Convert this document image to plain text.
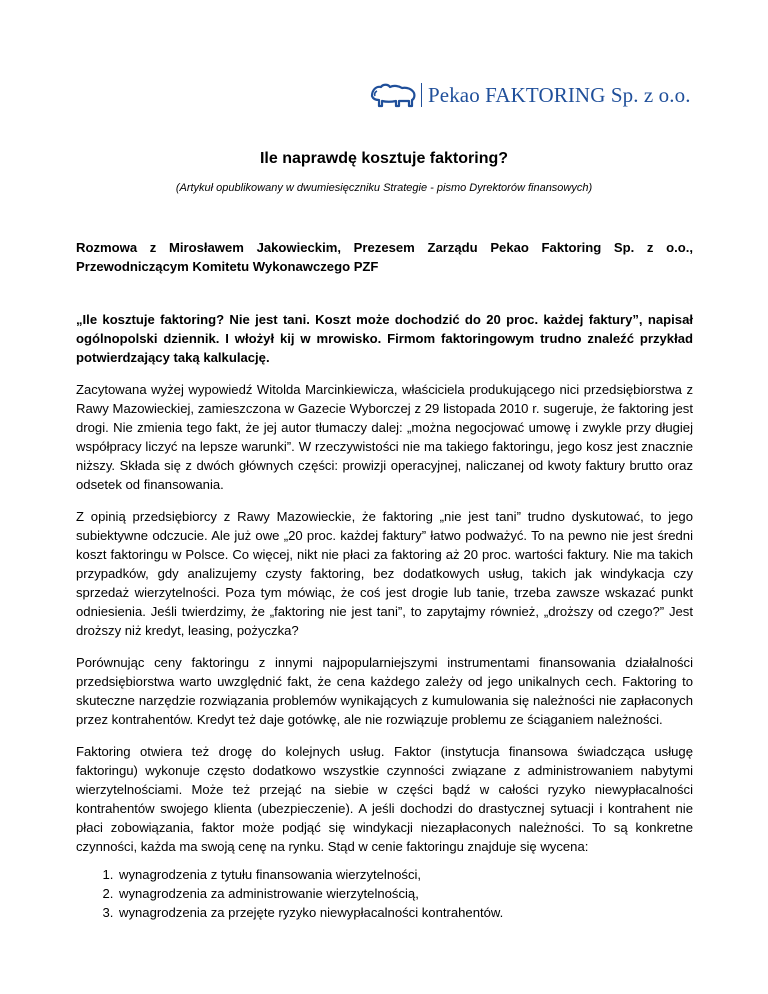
Pekao FAKTORING Sp. z o.o.
Ile naprawdę kosztuje faktoring?
(Artykuł opublikowany w dwumiesięczniku Strategie - pismo Dyrektorów finansowych)

Rozmowa z Mirosławem Jakowieckim, Prezesem Zarządu Pekao Faktoring Sp. z o.o., Przewodniczącym Komitetu Wykonawczego PZF

„Ile kosztuje faktoring? Nie jest tani. Koszt może dochodzić do 20 proc. każdej faktury”, napisał ogólnopolski dziennik. I włożył kij w mrowisko. Firmom faktoringowym trudno znaleźć przykład potwierdzający taką kalkulację.

Zacytowana wyżej wypowiedź Witolda Marcinkiewicza, właściciela produkującego nici przedsiębiorstwa z Rawy Mazowieckiej, zamieszczona w Gazecie Wyborczej z 29 listopada 2010 r. sugeruje, że faktoring jest drogi. Nie zmienia tego fakt, że jej autor tłumaczy dalej: „można negocjować umowę i zwykle przy długiej współpracy liczyć na lepsze warunki”. W rzeczywistości nie ma takiego faktoringu, jego kosz jest znacznie niższy. Składa się z dwóch głównych części: prowizji operacyjnej, naliczanej od kwoty faktury brutto oraz odsetek od finansowania.

Z opinią przedsiębiorcy z Rawy Mazowieckie, że faktoring „nie jest tani” trudno dyskutować, to jego subiektywne odczucie. Ale już owe „20 proc. każdej faktury” łatwo podważyć. To na pewno nie jest średni koszt faktoringu w Polsce. Co więcej, nikt nie płaci za faktoring aż 20 proc. wartości faktury. Nie ma takich przypadków, gdy analizujemy czysty faktoring, bez dodatkowych usług, takich jak windykacja czy sprzedaż wierzytelności. Poza tym mówiąc, że coś jest drogie lub tanie, trzeba zawsze wskazać punkt odniesienia. Jeśli twierdzimy, że „faktoring nie jest tani”, to zapytajmy również, „droższy od czego?” Jest droższy niż kredyt, leasing, pożyczka?

Porównując ceny faktoringu z innymi najpopularniejszymi instrumentami finansowania działalności przedsiębiorstwa warto uwzględnić fakt, że cena każdego zależy od jego unikalnych cech. Faktoring to skuteczne narzędzie rozwiązania problemów wynikających z kumulowania się należności nie zapłaconych przez kontrahentów. Kredyt też daje gotówkę, ale nie rozwiązuje problemu ze ściąganiem należności.

Faktoring otwiera też drogę do kolejnych usług. Faktor (instytucja finansowa świadcząca usługę faktoringu) wykonuje często dodatkowo wszystkie czynności związane z administrowaniem nabytymi wierzytelnościami. Może też przejąć na siebie w części bądź w całości ryzyko niewypłacalności kontrahentów swojego klienta (ubezpieczenie). A jeśli dochodzi do drastycznej sytuacji i kontrahent nie płaci zobowiązania, faktor może podjąć się windykacji niezapłaconych należności. To są konkretne czynności, każda ma swoją cenę na rynku. Stąd w cenie faktoringu znajduje się wycena:

1. wynagrodzenia z tytułu finansowania wierzytelności,
2. wynagrodzenia za administrowanie wierzytelnością,
3. wynagrodzenia za przejęte ryzyko niewypłacalności kontrahentów.
